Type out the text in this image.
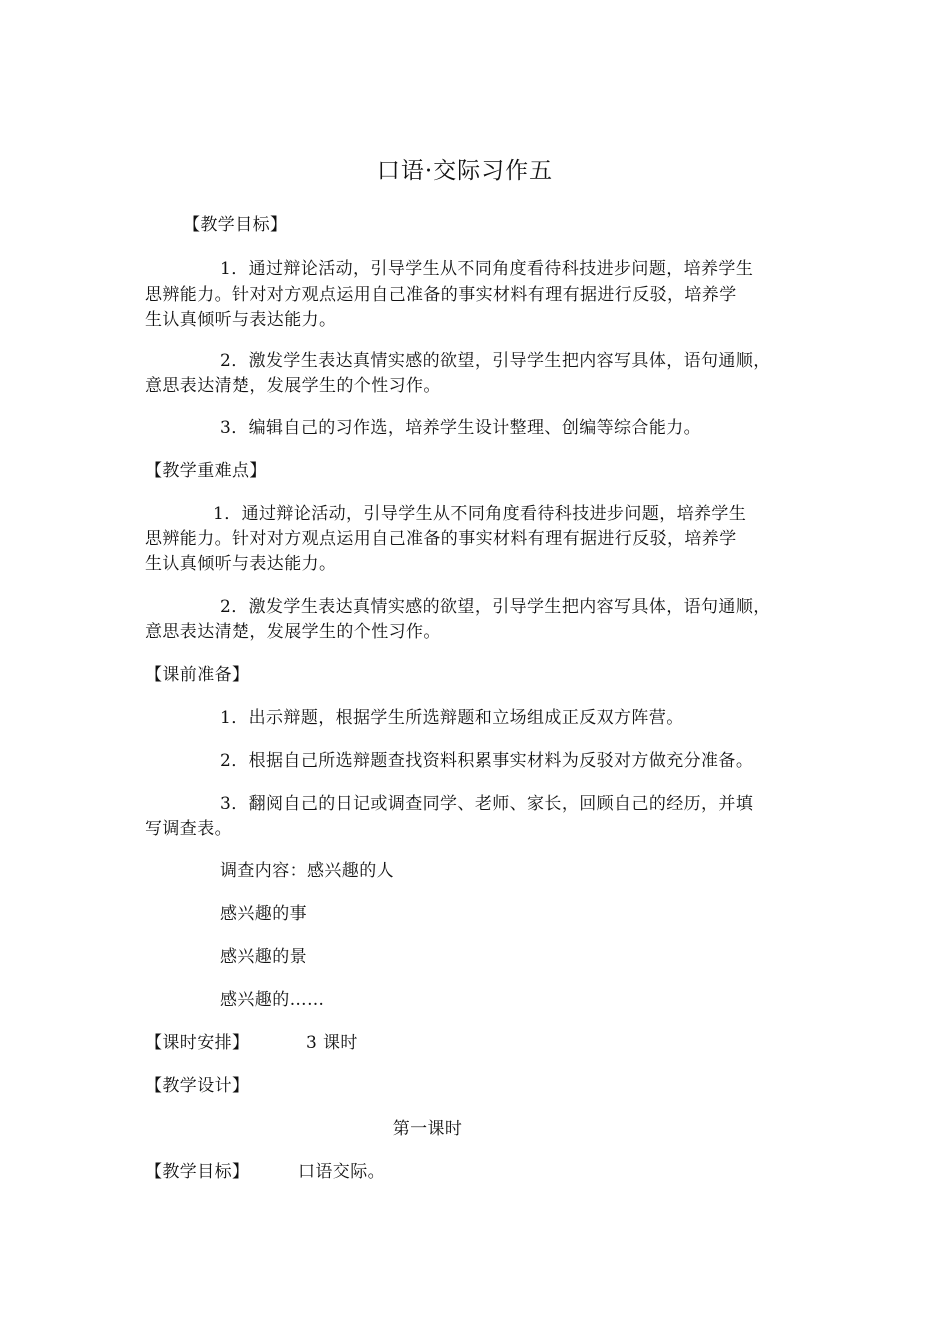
口语·交际习作五
【教学目标】
1．通过辩论活动，引导学生从不同角度看待科技进步问题，培养学生
思辨能力。针对对方观点运用自己准备的事实材料有理有据进行反驳，培养学
生认真倾听与表达能力。
2．激发学生表达真情实感的欲望，引导学生把内容写具体，语句通顺，
意思表达清楚，发展学生的个性习作。
3．编辑自己的习作选，培养学生设计整理、创编等综合能力。
【教学重难点】
1．通过辩论活动，引导学生从不同角度看待科技进步问题，培养学生
思辨能力。针对对方观点运用自己准备的事实材料有理有据进行反驳，培养学
生认真倾听与表达能力。
2．激发学生表达真情实感的欲望，引导学生把内容写具体，语句通顺，
意思表达清楚，发展学生的个性习作。
【课前准备】
1．出示辩题，根据学生所选辩题和立场组成正反双方阵营。
2．根据自己所选辩题查找资料积累事实材料为反驳对方做充分准备。
3．翻阅自己的日记或调查同学、老师、家长，回顾自己的经历，并填
写调查表。
调查内容：感兴趣的人
感兴趣的事
感兴趣的景
感兴趣的……
【课时安排】	3 课时
【教学设计】
第一课时
【教学目标】	口语交际。
